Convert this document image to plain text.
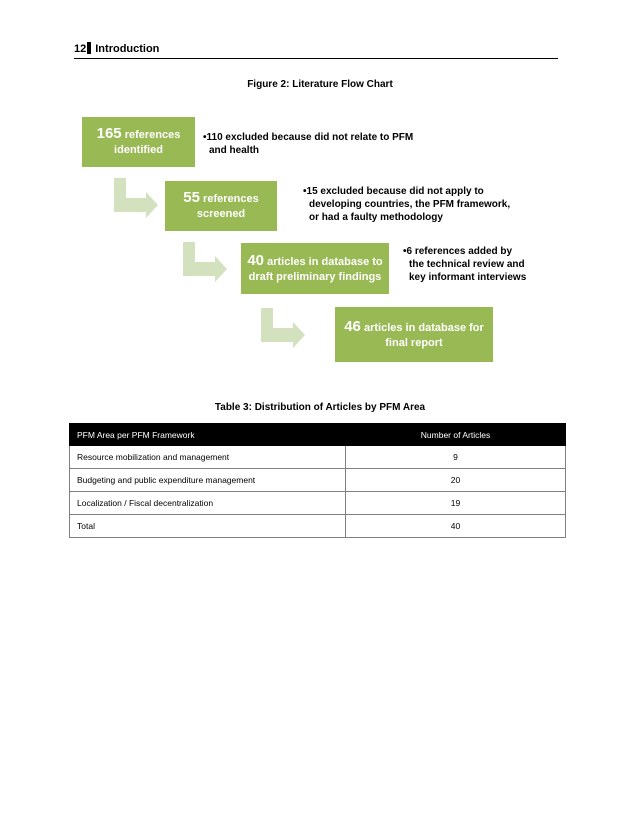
12 Introduction
Figure 2: Literature Flow Chart
165 references
identified
55 references
screened
40 articles in database to
draft preliminary findings
46 articles in database for
final report
•110 excluded because did not relate to PFM
and health
•15 excluded because did not apply to
developing countries, the PFM framework,
or had a faulty methodology
•6 references added by
the technical review and
key informant interviews
Table 3: Distribution of Articles by PFM Area
PFM Area per PFM Framework	Number of Articles
Resource mobilization and management	9
Budgeting and public expenditure management	20
Localization / Fiscal decentralization	19
Total	40
